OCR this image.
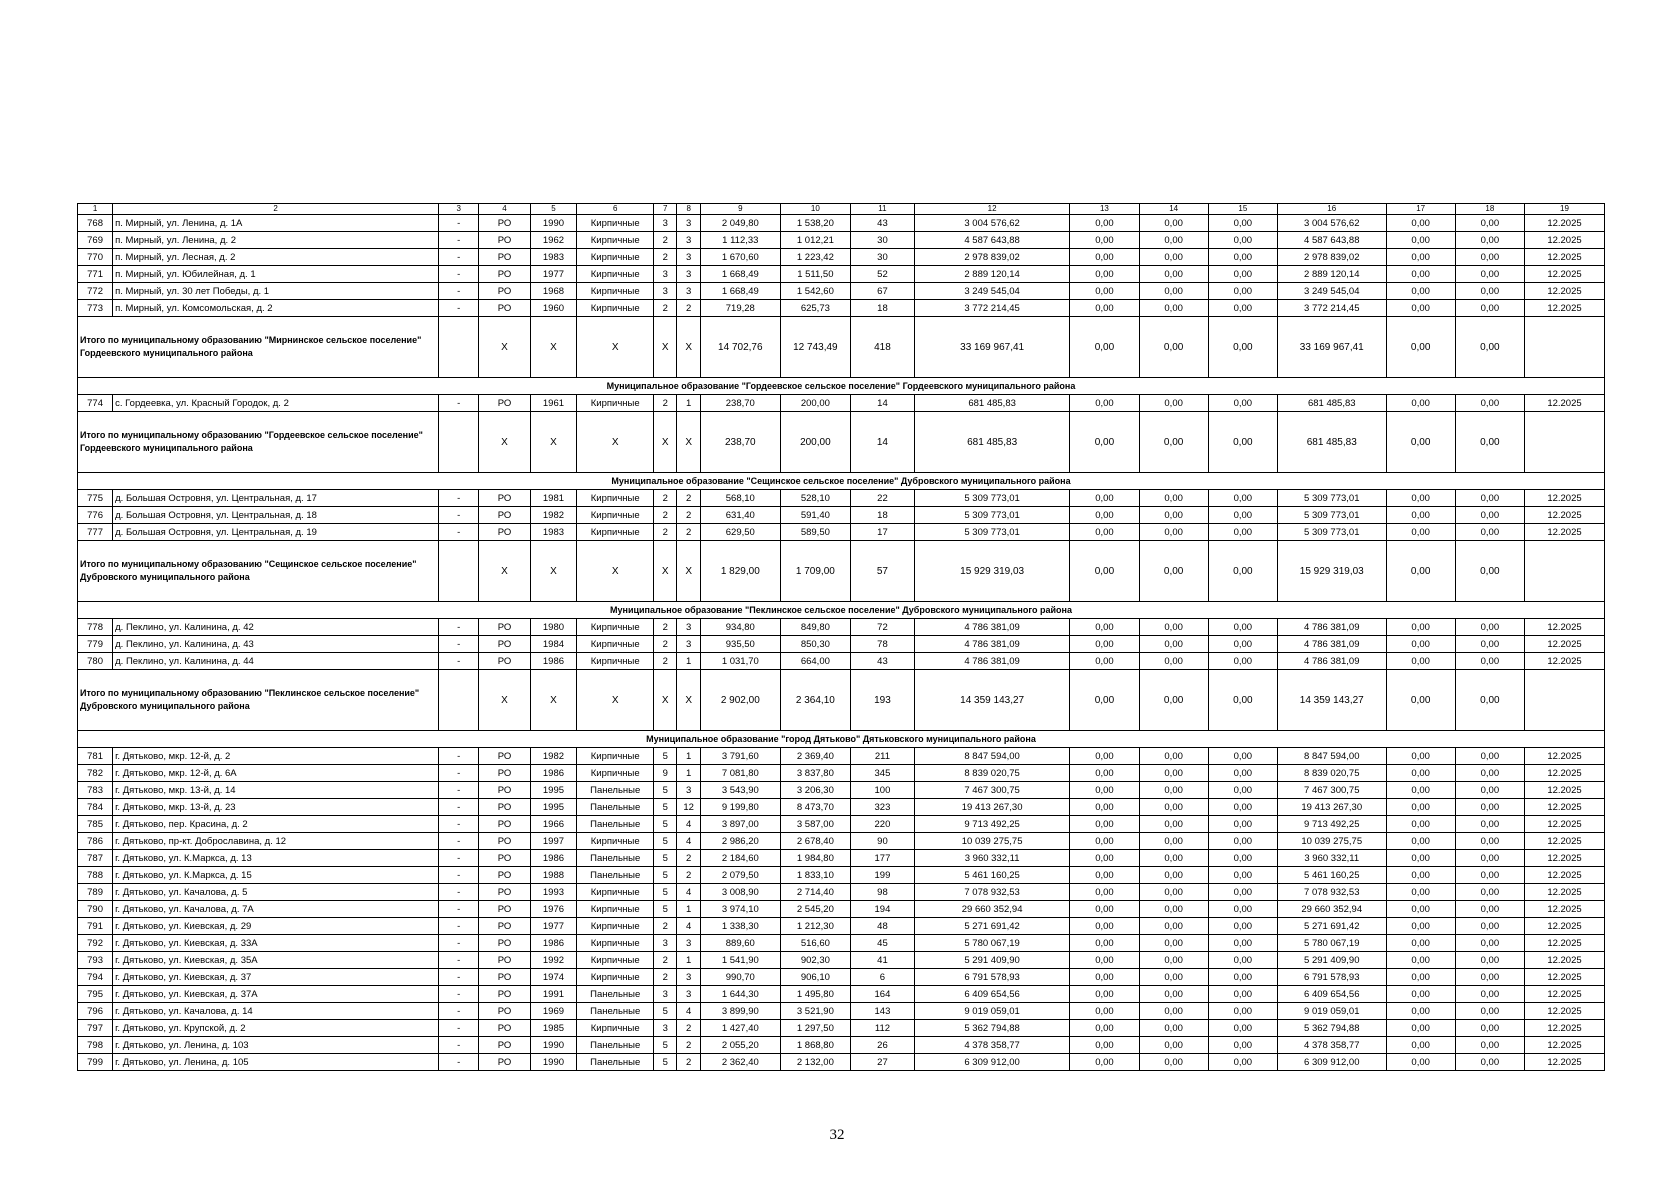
1	2	3	4	5	6	7	8	9	10	11	12	13	14	15	16	17	18	19
768	п. Мирный, ул. Ленина, д. 1А	-	РО	1990	Кирпичные	3	3	2 049,80	1 538,20	43	3 004 576,62	0,00	0,00	0,00	3 004 576,62	0,00	0,00	12.2025
769	п. Мирный, ул. Ленина, д. 2	-	РО	1962	Кирпичные	2	3	1 112,33	1 012,21	30	4 587 643,88	0,00	0,00	0,00	4 587 643,88	0,00	0,00	12.2025
770	п. Мирный, ул. Лесная, д. 2	-	РО	1983	Кирпичные	2	3	1 670,60	1 223,42	30	2 978 839,02	0,00	0,00	0,00	2 978 839,02	0,00	0,00	12.2025
771	п. Мирный, ул. Юбилейная, д. 1	-	РО	1977	Кирпичные	3	3	1 668,49	1 511,50	52	2 889 120,14	0,00	0,00	0,00	2 889 120,14	0,00	0,00	12.2025
772	п. Мирный, ул. 30 лет Победы, д. 1	-	РО	1968	Кирпичные	3	3	1 668,49	1 542,60	67	3 249 545,04	0,00	0,00	0,00	3 249 545,04	0,00	0,00	12.2025
773	п. Мирный, ул. Комсомольская, д. 2	-	РО	1960	Кирпичные	2	2	719,28	625,73	18	3 772 214,45	0,00	0,00	0,00	3 772 214,45	0,00	0,00	12.2025
Итого по муниципальному образованию "Мирнинское сельское поселение" Гордеевского муниципального района			X	X	X	X	X	14 702,76	12 743,49	418	33 169 967,41	0,00	0,00	0,00	33 169 967,41	0,00	0,00	
Муниципальное образование "Гордеевское сельское поселение" Гордеевского муниципального района																		
774	с. Гордеевка, ул. Красный Городок, д. 2	-	РО	1961	Кирпичные	2	1	238,70	200,00	14	681 485,83	0,00	0,00	0,00	681 485,83	0,00	0,00	12.2025
Итого по муниципальному образованию "Гордеевское сельское поселение" Гордеевского муниципального района			X	X	X	X	X	238,70	200,00	14	681 485,83	0,00	0,00	0,00	681 485,83	0,00	0,00	
Муниципальное образование "Сещинское сельское поселение" Дубровского муниципального района																		
775	д. Большая Островня, ул. Центральная, д. 17	-	РО	1981	Кирпичные	2	2	568,10	528,10	22	5 309 773,01	0,00	0,00	0,00	5 309 773,01	0,00	0,00	12.2025
776	д. Большая Островня, ул. Центральная, д. 18	-	РО	1982	Кирпичные	2	2	631,40	591,40	18	5 309 773,01	0,00	0,00	0,00	5 309 773,01	0,00	0,00	12.2025
777	д. Большая Островня, ул. Центральная, д. 19	-	РО	1983	Кирпичные	2	2	629,50	589,50	17	5 309 773,01	0,00	0,00	0,00	5 309 773,01	0,00	0,00	12.2025
Итого по муниципальному образованию "Сещинское сельское поселение" Дубровского муниципального района			X	X	X	X	X	1 829,00	1 709,00	57	15 929 319,03	0,00	0,00	0,00	15 929 319,03	0,00	0,00	
Муниципальное образование "Пеклинское сельское поселение" Дубровского муниципального района																		
778	д. Пеклино, ул. Калинина, д. 42	-	РО	1980	Кирпичные	2	3	934,80	849,80	72	4 786 381,09	0,00	0,00	0,00	4 786 381,09	0,00	0,00	12.2025
779	д. Пеклино, ул. Калинина, д. 43	-	РО	1984	Кирпичные	2	3	935,50	850,30	78	4 786 381,09	0,00	0,00	0,00	4 786 381,09	0,00	0,00	12.2025
780	д. Пеклино, ул. Калинина, д. 44	-	РО	1986	Кирпичные	2	1	1 031,70	664,00	43	4 786 381,09	0,00	0,00	0,00	4 786 381,09	0,00	0,00	12.2025
Итого по муниципальному образованию "Пеклинское сельское поселение" Дубровского муниципального района			X	X	X	X	X	2 902,00	2 364,10	193	14 359 143,27	0,00	0,00	0,00	14 359 143,27	0,00	0,00	
Муниципальное образование "город Дятьково" Дятьковского муниципального района																		
781	г. Дятьково, мкр. 12-й, д. 2	-	РО	1982	Кирпичные	5	1	3 791,60	2 369,40	211	8 847 594,00	0,00	0,00	0,00	8 847 594,00	0,00	0,00	12.2025
782	г. Дятьково, мкр. 12-й, д. 6А	-	РО	1986	Кирпичные	9	1	7 081,80	3 837,80	345	8 839 020,75	0,00	0,00	0,00	8 839 020,75	0,00	0,00	12.2025
783	г. Дятьково, мкр. 13-й, д. 14	-	РО	1995	Панельные	5	3	3 543,90	3 206,30	100	7 467 300,75	0,00	0,00	0,00	7 467 300,75	0,00	0,00	12.2025
784	г. Дятьково, мкр. 13-й, д. 23	-	РО	1995	Панельные	5	12	9 199,80	8 473,70	323	19 413 267,30	0,00	0,00	0,00	19 413 267,30	0,00	0,00	12.2025
785	г. Дятьково, пер. Красина, д. 2	-	РО	1966	Панельные	5	4	3 897,00	3 587,00	220	9 713 492,25	0,00	0,00	0,00	9 713 492,25	0,00	0,00	12.2025
786	г. Дятьково, пр-кт. Доброславина, д. 12	-	РО	1997	Кирпичные	5	4	2 986,20	2 678,40	90	10 039 275,75	0,00	0,00	0,00	10 039 275,75	0,00	0,00	12.2025
787	г. Дятьково, ул. К.Маркса, д. 13	-	РО	1986	Панельные	5	2	2 184,60	1 984,80	177	3 960 332,11	0,00	0,00	0,00	3 960 332,11	0,00	0,00	12.2025
788	г. Дятьково, ул. К.Маркса, д. 15	-	РО	1988	Панельные	5	2	2 079,50	1 833,10	199	5 461 160,25	0,00	0,00	0,00	5 461 160,25	0,00	0,00	12.2025
789	г. Дятьково, ул. Качалова, д. 5	-	РО	1993	Кирпичные	5	4	3 008,90	2 714,40	98	7 078 932,53	0,00	0,00	0,00	7 078 932,53	0,00	0,00	12.2025
790	г. Дятьково, ул. Качалова, д. 7А	-	РО	1976	Кирпичные	5	1	3 974,10	2 545,20	194	29 660 352,94	0,00	0,00	0,00	29 660 352,94	0,00	0,00	12.2025
791	г. Дятьково, ул. Киевская, д. 29	-	РО	1977	Кирпичные	2	4	1 338,30	1 212,30	48	5 271 691,42	0,00	0,00	0,00	5 271 691,42	0,00	0,00	12.2025
792	г. Дятьково, ул. Киевская, д. 33А	-	РО	1986	Кирпичные	3	3	889,60	516,60	45	5 780 067,19	0,00	0,00	0,00	5 780 067,19	0,00	0,00	12.2025
793	г. Дятьково, ул. Киевская, д. 35А	-	РО	1992	Кирпичные	2	1	1 541,90	902,30	41	5 291 409,90	0,00	0,00	0,00	5 291 409,90	0,00	0,00	12.2025
794	г. Дятьково, ул. Киевская, д. 37	-	РО	1974	Кирпичные	2	3	990,70	906,10	6	6 791 578,93	0,00	0,00	0,00	6 791 578,93	0,00	0,00	12.2025
795	г. Дятьково, ул. Киевская, д. 37А	-	РО	1991	Панельные	3	3	1 644,30	1 495,80	164	6 409 654,56	0,00	0,00	0,00	6 409 654,56	0,00	0,00	12.2025
796	г. Дятьково, ул. Качалова, д. 14	-	РО	1969	Панельные	5	4	3 899,90	3 521,90	143	9 019 059,01	0,00	0,00	0,00	9 019 059,01	0,00	0,00	12.2025
797	г. Дятьково, ул. Крупской, д. 2	-	РО	1985	Кирпичные	3	2	1 427,40	1 297,50	112	5 362 794,88	0,00	0,00	0,00	5 362 794,88	0,00	0,00	12.2025
798	г. Дятьково, ул. Ленина, д. 103	-	РО	1990	Панельные	5	2	2 055,20	1 868,80	26	4 378 358,77	0,00	0,00	0,00	4 378 358,77	0,00	0,00	12.2025
799	г. Дятьково, ул. Ленина, д. 105	-	РО	1990	Панельные	5	2	2 362,40	2 132,00	27	6 309 912,00	0,00	0,00	0,00	6 309 912,00	0,00	0,00	12.2025
32
